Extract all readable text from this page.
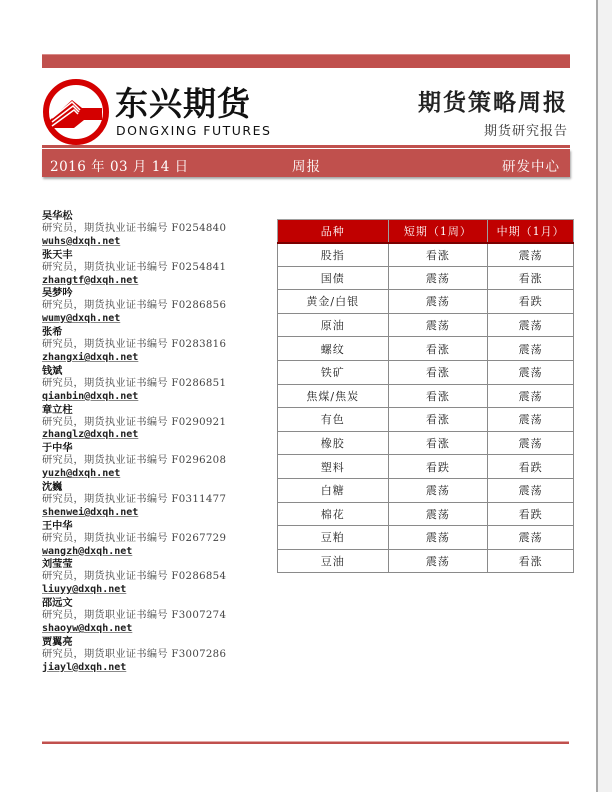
东兴期货
DONGXING FUTURES
期货策略周报
期货研究报告
2016 年 03 月 14 日	周报	研发中心
吴华松
研究员，期货执业证书编号 F0254840
wuhs@dxqh.net
张天丰
研究员，期货执业证书编号 F0254841
zhangtf@dxqh.net
吴梦吟
研究员，期货执业证书编号 F0286856
wumy@dxqh.net
张希
研究员，期货执业证书编号 F0283816
zhangxi@dxqh.net
钱斌
研究员，期货执业证书编号 F0286851
qianbin@dxqh.net
章立柱
研究员，期货执业证书编号 F0290921
zhanglz@dxqh.net
于中华
研究员，期货执业证书编号 F0296208
yuzh@dxqh.net
沈巍
研究员，期货执业证书编号 F0311477
shenwei@dxqh.net
王中华
研究员，期货执业证书编号 F0267729
wangzh@dxqh.net
刘莹莹
研究员，期货执业证书编号 F0286854
liuyy@dxqh.net
邵远文
研究员，期货职业证书编号 F3007274
shaoyw@dxqh.net
贾翼亮
研究员，期货职业证书编号 F3007286
jiayl@dxqh.net
品种	短期（1周）	中期（1月）
股指	看涨	震荡
国债	震荡	看涨
黄金/白银	震荡	看跌
原油	震荡	震荡
螺纹	看涨	震荡
铁矿	看涨	震荡
焦煤/焦炭	看涨	震荡
有色	看涨	震荡
橡胶	看涨	震荡
塑料	看跌	看跌
白糖	震荡	震荡
棉花	震荡	看跌
豆粕	震荡	震荡
豆油	震荡	看涨
